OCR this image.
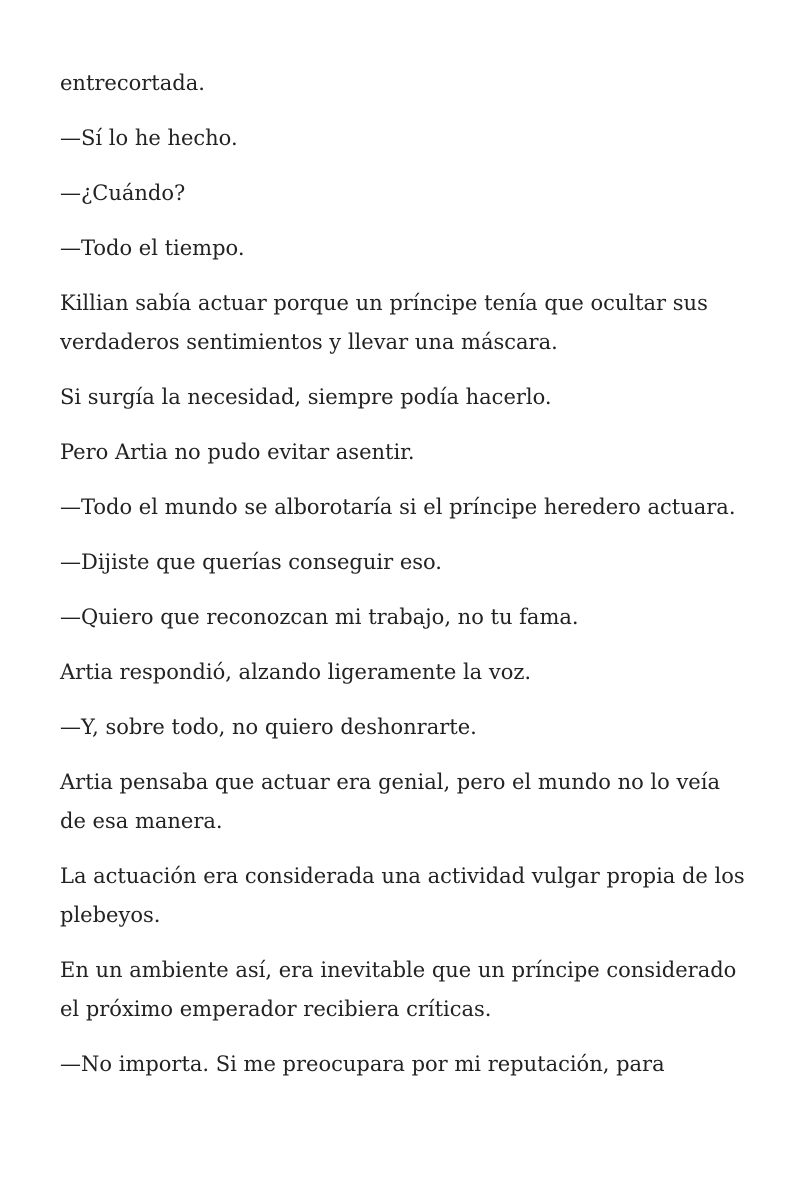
entrecortada.

—Sí lo he hecho.

—¿Cuándo?

—Todo el tiempo.

Killian sabía actuar porque un príncipe tenía que ocultar sus verdaderos sentimientos y llevar una máscara.

Si surgía la necesidad, siempre podía hacerlo.

Pero Artia no pudo evitar asentir.

—Todo el mundo se alborotaría si el príncipe heredero actuara.

—Dijiste que querías conseguir eso.

—Quiero que reconozcan mi trabajo, no tu fama.

Artia respondió, alzando ligeramente la voz.

—Y, sobre todo, no quiero deshonrarte.

Artia pensaba que actuar era genial, pero el mundo no lo veía de esa manera.

La actuación era considerada una actividad vulgar propia de los plebeyos.

En un ambiente así, era inevitable que un príncipe considerado el próximo emperador recibiera críticas.

—No importa. Si me preocupara por mi reputación, para
